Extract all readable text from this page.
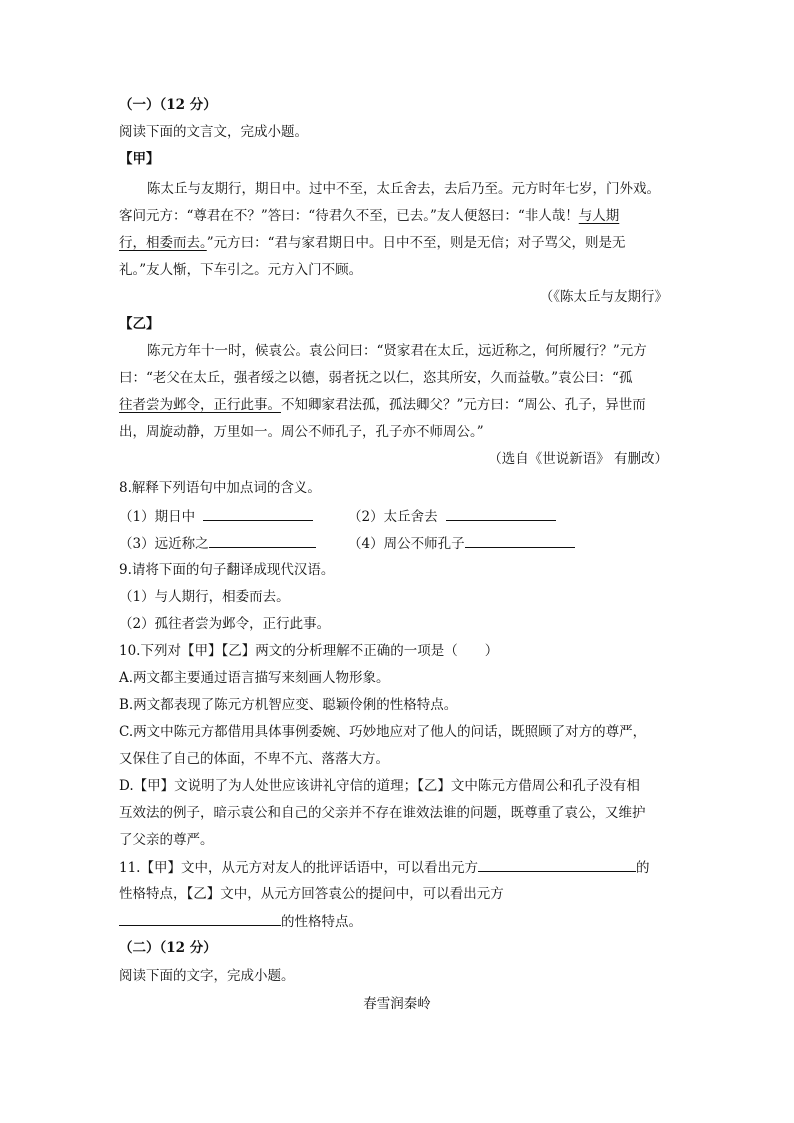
（一）（12 分）
阅读下面的文言文，完成小题。
【甲】
陈太丘与友期行，期日中。过中不至，太丘舍去，去后乃至。元方时年七岁，门外戏。
客问元方：“尊君在不？”答曰：“待君久不至，已去。”友人便怒曰：“非人哉！与人期
行，相委而去。”元方曰：“君与家君期日中。日中不至，则是无信；对子骂父，则是无
礼。”友人惭，下车引之。元方入门不顾。
（《陈太丘与友期行》
【乙】
陈元方年十一时，候袁公。袁公问曰：“贤家君在太丘，远近称之，何所履行？”元方
曰：“老父在太丘，强者绥之以德，弱者抚之以仁，恣其所安，久而益敬。”袁公曰：“孤
往者尝为邺令，正行此事。不知卿家君法孤，孤法卿父？”元方曰：“周公、孔子，异世而
出，周旋动静，万里如一。周公不师孔子，孔子亦不师周公。”
（选自《世说新语》 有删改）
8.解释下列语句中加点词的含义。
（1）期日中	（2）太丘舍去
（3）远近称之	（4）周公不师孔子
9.请将下面的句子翻译成现代汉语。
（1）与人期行，相委而去。
（2）孤往者尝为邺令，正行此事。
10.下列对【甲】【乙】两文的分析理解不正确的一项是（　　）
A.两文都主要通过语言描写来刻画人物形象。
B.两文都表现了陈元方机智应变、聪颖伶俐的性格特点。
C.两文中陈元方都借用具体事例委婉、巧妙地应对了他人的问话，既照顾了对方的尊严，
又保住了自己的体面，不卑不亢、落落大方。
D.【甲】文说明了为人处世应该讲礼守信的道理；【乙】文中陈元方借周公和孔子没有相
互效法的例子，暗示袁公和自己的父亲并不存在谁效法谁的问题，既尊重了袁公，又维护
了父亲的尊严。
11.【甲】文中，从元方对友人的批评话语中，可以看出元方	的
性格特点，【乙】文中，从元方回答袁公的提问中，可以看出元方
的性格特点。
（二）（12 分）
阅读下面的文字，完成小题。
春雪润秦岭
